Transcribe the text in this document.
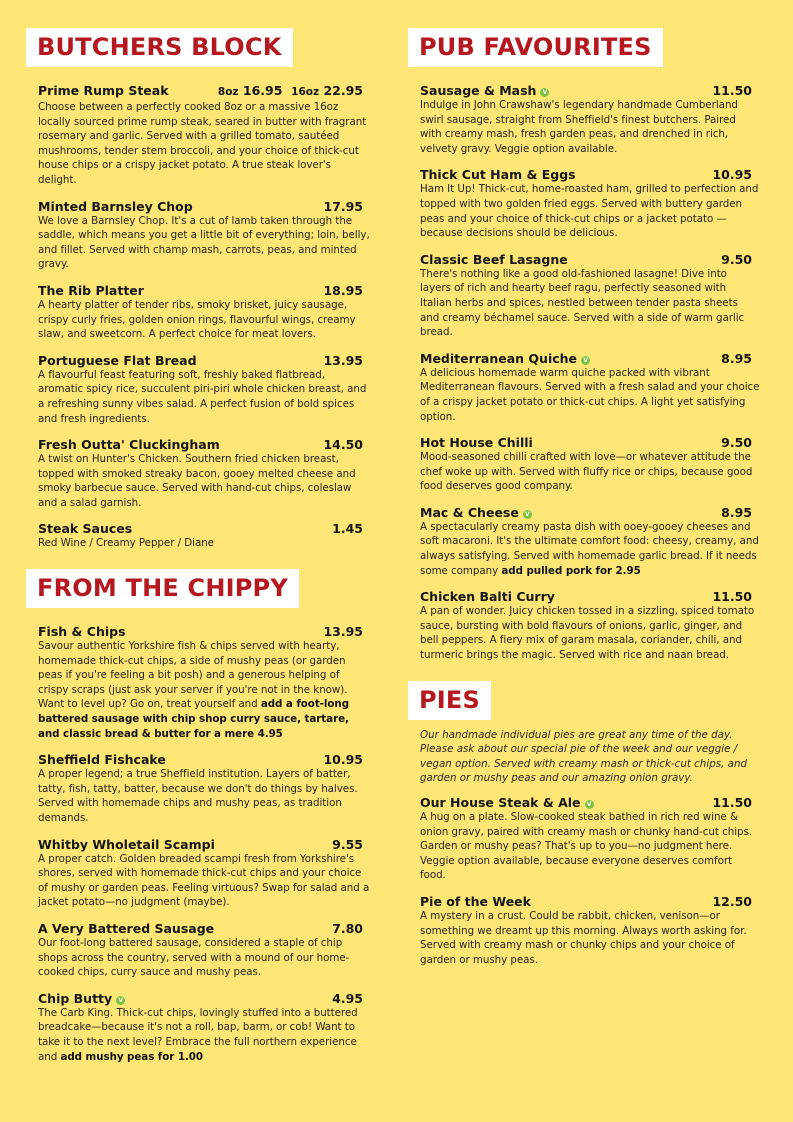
BUTCHERS BLOCK
Prime Rump Steak	8oz 16.95 16oz 22.95

Choose between a perfectly cooked 8oz or a massive 16oz locally sourced prime rump steak, seared in butter with fragrant rosemary and garlic. Served with a grilled tomato, sautéed mushrooms, tender stem broccoli, and your choice of thick-cut house chips or a crispy jacket potato. A true steak lover's delight.

Minted Barnsley Chop	17.95

We love a Barnsley Chop. It's a cut of lamb taken through the saddle, which means you get a little bit of everything; loin, belly, and fillet. Served with champ mash, carrots, peas, and minted gravy.

The Rib Platter	18.95

A hearty platter of tender ribs, smoky brisket, juicy sausage, crispy curly fries, golden onion rings, flavourful wings, creamy slaw, and sweetcorn. A perfect choice for meat lovers.

Portuguese Flat Bread	13.95

A flavourful feast featuring soft, freshly baked flatbread, aromatic spicy rice, succulent piri-piri whole chicken breast, and a refreshing sunny vibes salad. A perfect fusion of bold spices and fresh ingredients.

Fresh Outta' Cluckingham	14.50

A twist on Hunter's Chicken. Southern fried chicken breast, topped with smoked streaky bacon, gooey melted cheese and smoky barbecue sauce. Served with hand-cut chips, coleslaw and a salad garnish.

Steak Sauces	1.45

Red Wine / Creamy Pepper / Diane

FROM THE CHIPPY
Fish & Chips	13.95

Savour authentic Yorkshire fish & chips served with hearty, homemade thick-cut chips, a side of mushy peas (or garden peas if you're feeling a bit posh) and a generous helping of crispy scraps (just ask your server if you're not in the know). Want to level up? Go on, treat yourself and add a foot-long battered sausage with chip shop curry sauce, tartare, and classic bread & butter for a mere 4.95

Sheffield Fishcake	10.95

A proper legend; a true Sheffield institution. Layers of batter, tatty, fish, tatty, batter, because we don't do things by halves. Served with homemade chips and mushy peas, as tradition demands.

Whitby Wholetail Scampi	9.55

A proper catch. Golden breaded scampi fresh from Yorkshire's shores, served with homemade thick-cut chips and your choice of mushy or garden peas. Feeling virtuous? Swap for salad and a jacket potato—no judgment (maybe).

A Very Battered Sausage	7.80

Our foot-long battered sausage, considered a staple of chip shops across the country, served with a mound of our home-cooked chips, curry sauce and mushy peas.

Chip Butty V	4.95

The Carb King. Thick-cut chips, lovingly stuffed into a buttered breadcake—because it's not a roll, bap, barm, or cob! Want to take it to the next level? Embrace the full northern experience and add mushy peas for 1.00

PUB FAVOURITES
Sausage & Mash V	11.50

Indulge in John Crawshaw's legendary handmade Cumberland swirl sausage, straight from Sheffield's finest butchers. Paired with creamy mash, fresh garden peas, and drenched in rich, velvety gravy. Veggie option available.

Thick Cut Ham & Eggs	10.95

Ham It Up! Thick-cut, home-roasted ham, grilled to perfection and topped with two golden fried eggs. Served with buttery garden peas and your choice of thick-cut chips or a jacket potato —because decisions should be delicious.

Classic Beef Lasagne	9.50

There's nothing like a good old-fashioned lasagne! Dive into layers of rich and hearty beef ragu, perfectly seasoned with Italian herbs and spices, nestled between tender pasta sheets and creamy béchamel sauce. Served with a side of warm garlic bread.

Mediterranean Quiche V	8.95

A delicious homemade warm quiche packed with vibrant Mediterranean flavours. Served with a fresh salad and your choice of a crispy jacket potato or thick-cut chips. A light yet satisfying option.

Hot House Chilli	9.50

Mood-seasoned chilli crafted with love—or whatever attitude the chef woke up with. Served with fluffy rice or chips, because good food deserves good company.

Mac & Cheese V	8.95

A spectacularly creamy pasta dish with ooey-gooey cheeses and soft macaroni. It's the ultimate comfort food: cheesy, creamy, and always satisfying. Served with homemade garlic bread. If it needs some company add pulled pork for 2.95

Chicken Balti Curry	11.50

A pan of wonder. Juicy chicken tossed in a sizzling, spiced tomato sauce, bursting with bold flavours of onions, garlic, ginger, and bell peppers. A fiery mix of garam masala, coriander, chili, and turmeric brings the magic. Served with rice and naan bread.

PIES

Our handmade individual pies are great any time of the day. Please ask about our special pie of the week and our veggie / vegan option. Served with creamy mash or thick-cut chips, and garden or mushy peas and our amazing onion gravy.

Our House Steak & Ale V	11.50

A hug on a plate. Slow-cooked steak bathed in rich red wine & onion gravy, paired with creamy mash or chunky hand-cut chips. Garden or mushy peas? That's up to you—no judgment here. Veggie option available, because everyone deserves comfort food.

Pie of the Week	12.50

A mystery in a crust. Could be rabbit, chicken, venison—or something we dreamt up this morning. Always worth asking for. Served with creamy mash or chunky chips and your choice of garden or mushy peas.
